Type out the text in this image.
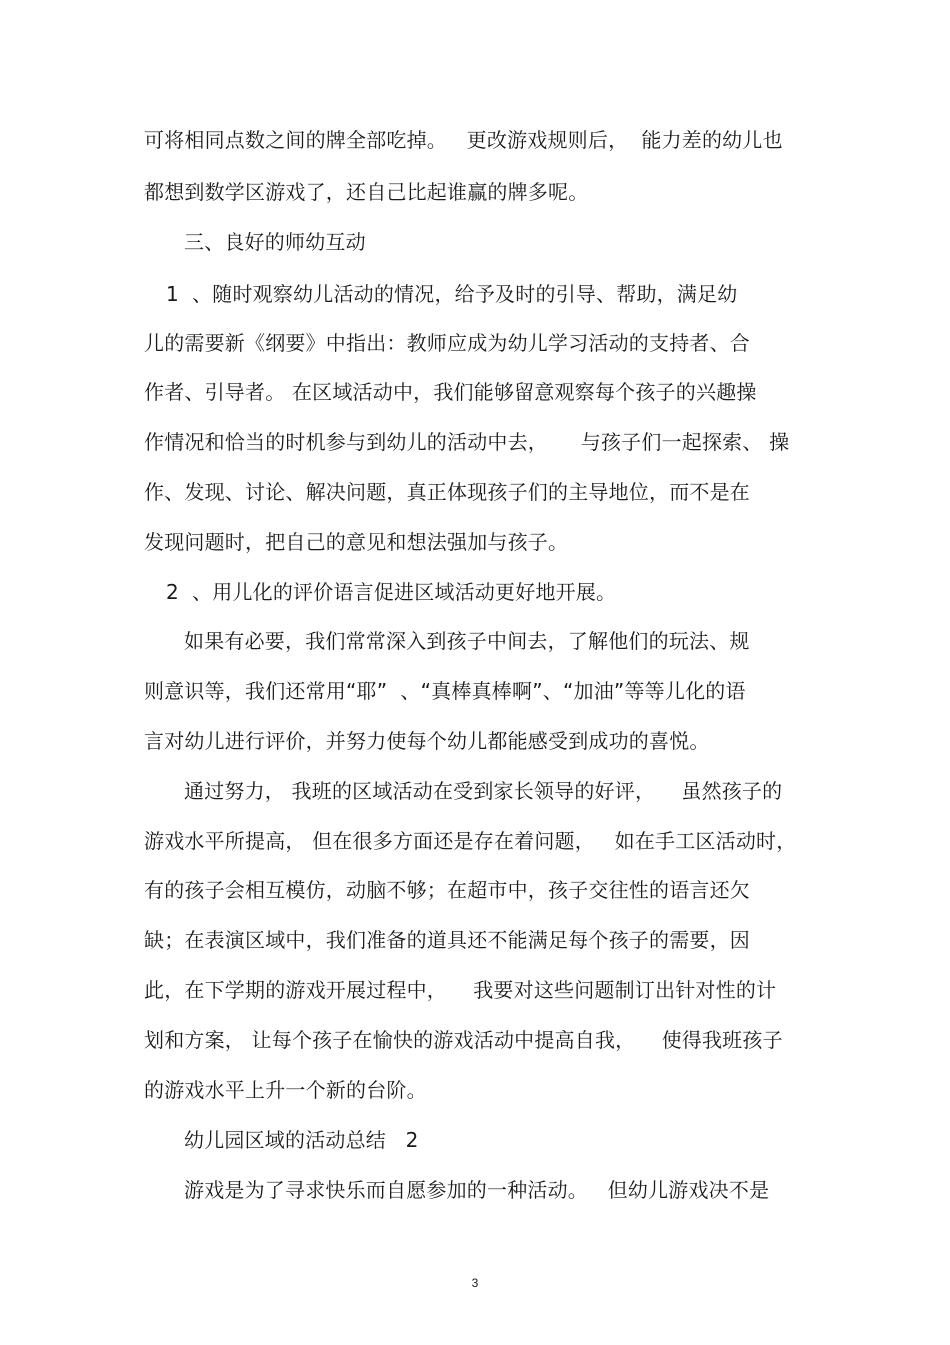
可将相同点数之间的牌全部吃掉。   更改游戏规则后，  能力差的幼儿也
都想到数学区游戏了，还自己比起谁赢的牌多呢。
三、良好的师幼互动
1  、随时观察幼儿活动的情况，给予及时的引导、帮助，满足幼
儿的需要新《纲要》中指出：教师应成为幼儿学习活动的支持者、合
作者、引导者。 在区域活动中，我们能够留意观察每个孩子的兴趣操
作情况和恰当的时机参与到幼儿的活动中去，     与孩子们一起探索、 操
作、发现、讨论、解决问题，真正体现孩子们的主导地位，而不是在
发现问题时，把自己的意见和想法强加与孩子。
2  、用儿化的评价语言促进区域活动更好地开展。
如果有必要，我们常常深入到孩子中间去，了解他们的玩法、规
则意识等，我们还常用“耶”  、“真棒真棒啊”、“加油”等等儿化的语
言对幼儿进行评价，并努力使每个幼儿都能感受到成功的喜悦。
通过努力， 我班的区域活动在受到家长领导的好评，    虽然孩子的
游戏水平所提高， 但在很多方面还是存在着问题，   如在手工区活动时，
有的孩子会相互模仿，动脑不够；在超市中，孩子交往性的语言还欠
缺；在表演区域中，我们准备的道具还不能满足每个孩子的需要，因
此，在下学期的游戏开展过程中，    我要对这些问题制订出针对性的计
划和方案， 让每个孩子在愉快的游戏活动中提高自我，    使得我班孩子
的游戏水平上升一个新的台阶。
幼儿园区域的活动总结   2
游戏是为了寻求快乐而自愿参加的一种活动。   但幼儿游戏决不是
3
